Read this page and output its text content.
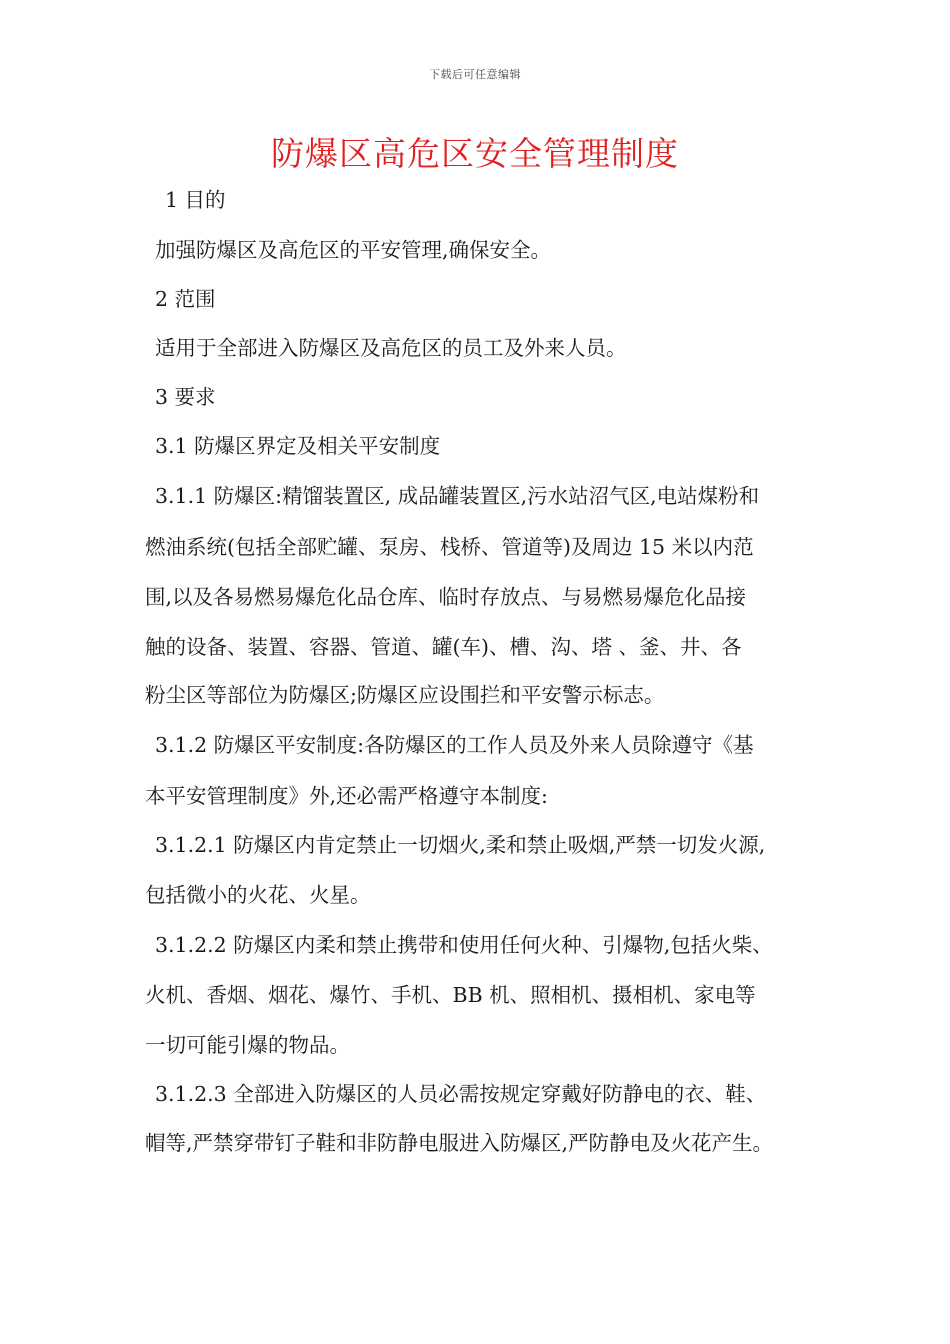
下载后可任意编辑
防爆区高危区安全管理制度
1 目的
加强防爆区及高危区的平安管理,确保安全。
2 范围
适用于全部进入防爆区及高危区的员工及外来人员。
3 要求
3.1 防爆区界定及相关平安制度
3.1.1 防爆区:精馏装置区, 成品罐装置区,污水站沼气区,电站煤粉和
燃油系统(包括全部贮罐、泵房、栈桥、管道等)及周边 15 米以内范
围,以及各易燃易爆危化品仓库、临时存放点、与易燃易爆危化品接
触的设备、装置、容器、管道、罐(车)、槽、沟、塔 、釜、井、各
粉尘区等部位为防爆区;防爆区应设围拦和平安警示标志。
3.1.2 防爆区平安制度:各防爆区的工作人员及外来人员除遵守《基
本平安管理制度》外,还必需严格遵守本制度:
3.1.2.1 防爆区内肯定禁止一切烟火,柔和禁止吸烟,严禁一切发火源,
包括微小的火花、火星。
3.1.2.2 防爆区内柔和禁止携带和使用任何火种、引爆物,包括火柴、
火机、香烟、烟花、爆竹、手机、BB 机、照相机、摄相机、家电等
一切可能引爆的物品。
3.1.2.3 全部进入防爆区的人员必需按规定穿戴好防静电的衣、鞋、
帽等,严禁穿带钉子鞋和非防静电服进入防爆区,严防静电及火花产生。
